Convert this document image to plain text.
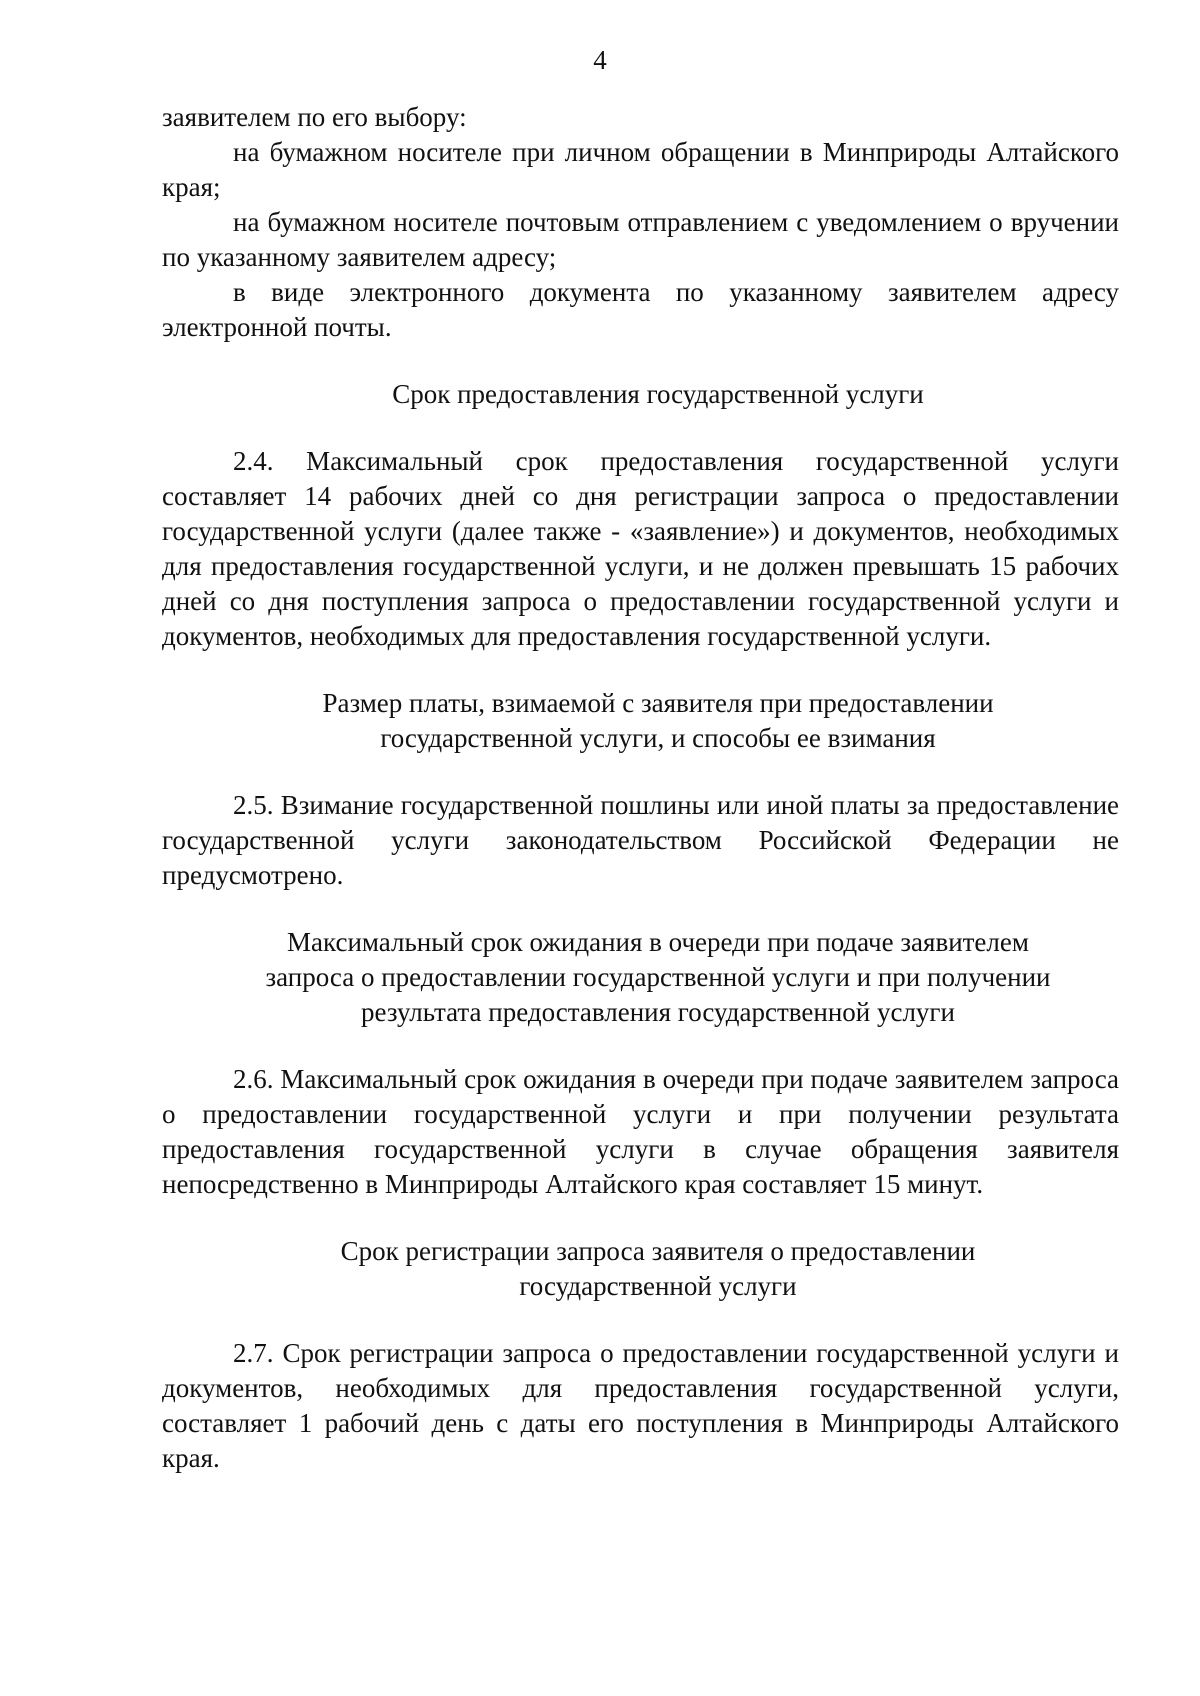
4

заявителем по его выбору:

на бумажном носителе при личном обращении в Минприроды Алтайского края;

на бумажном носителе почтовым отправлением с уведомлением о вручении по указанному заявителем адресу;

в виде электронного документа по указанному заявителем адресу электронной почты.

Срок предоставления государственной услуги

2.4. Максимальный срок предоставления государственной услуги составляет 14 рабочих дней со дня регистрации запроса о предоставлении государственной услуги (далее также - «заявление») и документов, необходимых для предоставления государственной услуги, и не должен превышать 15 рабочих дней со дня поступления запроса о предоставлении государственной услуги и документов, необходимых для предоставления государственной услуги.

Размер платы, взимаемой с заявителя при предоставлении

государственной услуги, и способы ее взимания

2.5. Взимание государственной пошлины или иной платы за предоставление государственной услуги законодательством Российской Федерации не предусмотрено.

Максимальный срок ожидания в очереди при подаче заявителем

запроса о предоставлении государственной услуги и при получении

результата предоставления государственной услуги

2.6. Максимальный срок ожидания в очереди при подаче заявителем запроса о предоставлении государственной услуги и при получении результата предоставления государственной услуги в случае обращения заявителя непосредственно в Минприроды Алтайского края составляет 15 минут.

Срок регистрации запроса заявителя о предоставлении

государственной услуги

2.7. Срок регистрации запроса о предоставлении государственной услуги и документов, необходимых для предоставления государственной услуги, составляет 1 рабочий день с даты его поступления в Минприроды Алтайского края.
